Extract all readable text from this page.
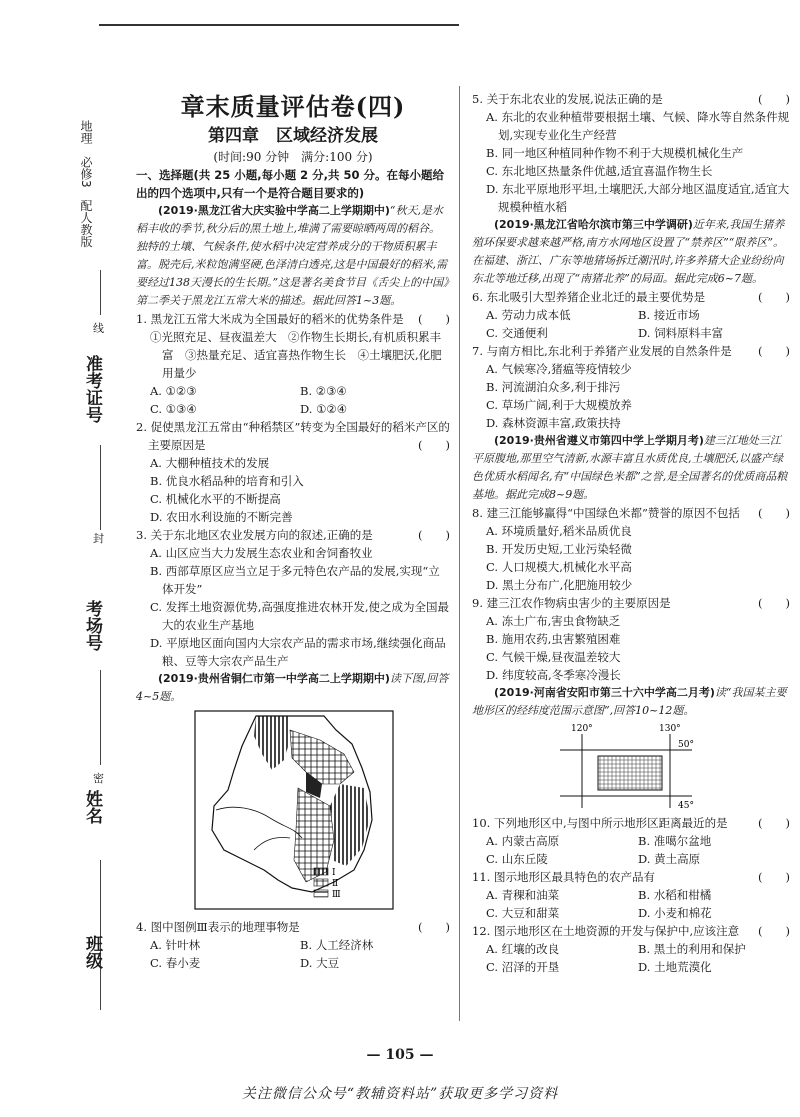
地理　必修3　配人教版
线
准考证号
封
考场号
密
姓名
班级

章末质量评估卷(四)

第四章　区域经济发展

(时间:90 分钟　满分:100 分)

一、选择题(共 25 小题,每小题 2 分,共 50 分。在每小题给出的四个选项中,只有一个是符合题目要求的)

(2019·黑龙江省大庆实验中学高二上学期期中)“秋天,是水稻丰收的季节,秋分后的黑土地上,堆满了需要晾晒两周的稻谷。独特的土壤、气候条件,使水稻中决定营养成分的干物质积累丰富。脱壳后,米粒饱满坚硬,色泽清白透亮,这是中国最好的稻米,需要经过138天漫长的生长期。”这是著名美食节目《舌尖上的中国》第二季关于黑龙江五常大米的描述。据此回答1~3题。

1. 黑龙江五常大米成为全国最好的稻米的优势条件是 (　　)

①光照充足、昼夜温差大　②作物生长期长,有机质积累丰富　③热量充足、适宜喜热作物生长　④土壤肥沃,化肥用量少

A. ①②③	B. ②③④
C. ①③④	D. ①②④

2. 促使黑龙江五常由“种稻禁区”转变为全国最好的稻米产区的主要原因是	(　　)

A. 大棚种植技术的发展

B. 优良水稻品种的培育和引入

C. 机械化水平的不断提高

D. 农田水利设施的不断完善

3. 关于东北地区农业发展方向的叙述,正确的是	(　　)

A. 山区应当大力发展生态农业和舍饲畜牧业

B. 西部草原区应当立足于多元特色农产品的发展,实现“立体开发”

C. 发挥土地资源优势,高强度推进农林开发,使之成为全国最大的农业生产基地

D. 平原地区面向国内大宗农产品的需求市场,继续强化商品粮、豆等大宗农产品生产

(2019·贵州省铜仁市第一中学高二上学期期中)读下图,回答4~5题。

Ⅰ
Ⅱ
Ⅲ

4. 图中图例Ⅲ表示的地理事物是	(　　)

A. 针叶林	B. 人工经济林
C. 春小麦	D. 大豆

5. 关于东北农业的发展,说法正确的是	(　　)

A. 东北的农业种植带要根据土壤、气候、降水等自然条件规划,实现专业化生产经营

B. 同一地区种植同种作物不利于大规模机械化生产

C. 东北地区热量条件优越,适宜喜温作物生长

D. 东北平原地形平坦,土壤肥沃,大部分地区温度适宜,适宜大规模种植水稻

(2019·黑龙江省哈尔滨市第三中学调研)近年来,我国生猪养殖环保要求越来越严格,南方水网地区设置了“禁养区”“限养区”。在福建、浙江、广东等地猪场拆迁潮汛时,许多养猪大企业纷纷向东北等地迁移,出现了“南猪北养”的局面。据此完成6~7题。

6. 东北吸引大型养猪企业北迁的最主要优势是	(　　)

A. 劳动力成本低	B. 接近市场
C. 交通便利	D. 饲料原料丰富

7. 与南方相比,东北利于养猪产业发展的自然条件是 (　　)

A. 气候寒冷,猪瘟等疫情较少

B. 河流湖泊众多,利于排污

C. 草场广阔,利于大规模放养

D. 森林资源丰富,政策扶持

(2019·贵州省遵义市第四中学上学期月考)建三江地处三江平原腹地,那里空气清新,水源丰富且水质优良,土壤肥沃,以盛产绿色优质水稻闻名,有“中国绿色米都”之誉,是全国著名的优质商品粮基地。据此完成8~9题。

8. 建三江能够赢得“中国绿色米都”赞誉的原因不包括 (　　)

A. 环境质量好,稻米品质优良

B. 开发历史短,工业污染轻微

C. 人口规模大,机械化水平高

D. 黑土分布广,化肥施用较少

9. 建三江农作物病虫害少的主要原因是	(　　)

A. 冻土广布,害虫食物缺乏

B. 施用农药,虫害繁殖困难

C. 气候干燥,昼夜温差较大

D. 纬度较高,冬季寒冷漫长

(2019·河南省安阳市第三十六中学高二月考)读“我国某主要地形区的经纬度范围示意图”,回答10~12题。

120°	130°
50°
45°

10. 下列地形区中,与图中所示地形区距离最近的是	(　　)

A. 内蒙古高原	B. 准噶尔盆地
C. 山东丘陵	D. 黄土高原

11. 图示地形区最具特色的农产品有	(　　)

A. 青稞和油菜	B. 水稻和柑橘
C. 大豆和甜菜	D. 小麦和棉花

12. 图示地形区在土地资源的开发与保护中,应该注意 (　　)

A. 红壤的改良	B. 黑土的利用和保护
C. 沼泽的开垦	D. 土地荒漠化
— 105 —
关注微信公众号“教辅资料站”获取更多学习资料
